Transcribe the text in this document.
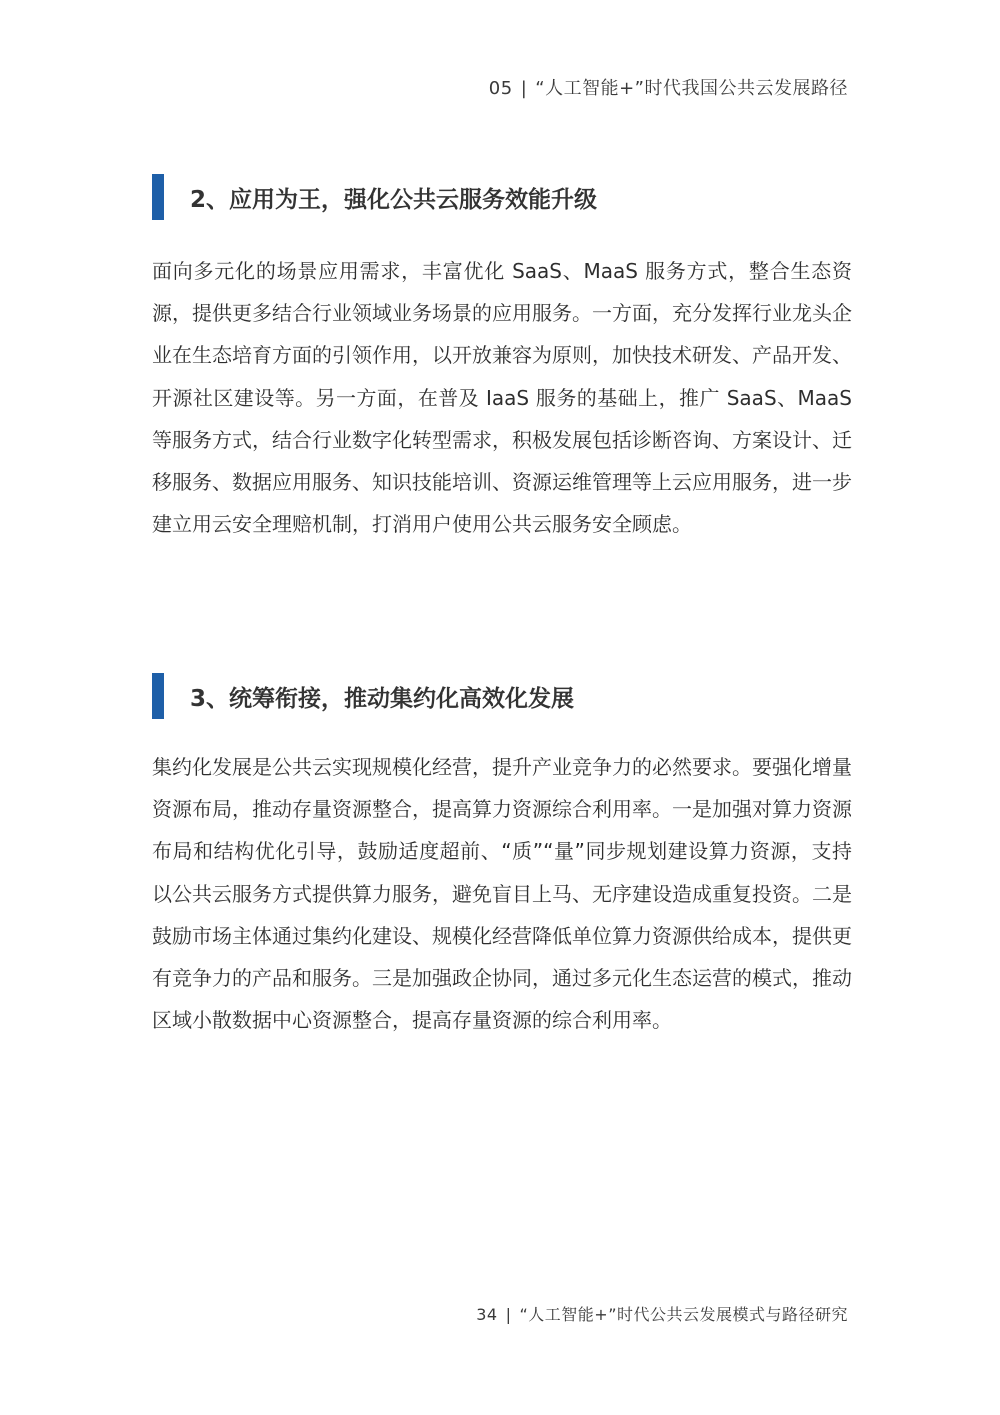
05 | “人工智能+”时代我国公共云发展路径
2、应用为王，强化公共云服务效能升级

面向多元化的场景应用需求，丰富优化 SaaS、MaaS 服务方式，整合生态资源，提供更多结合行业领域业务场景的应用服务。一方面，充分发挥行业龙头企业在生态培育方面的引领作用，以开放兼容为原则，加快技术研发、产品开发、开源社区建设等。另一方面，在普及 IaaS 服务的基础上，推广 SaaS、MaaS 等服务方式，结合行业数字化转型需求，积极发展包括诊断咨询、方案设计、迁移服务、数据应用服务、知识技能培训、资源运维管理等上云应用服务，进一步建立用云安全理赔机制，打消用户使用公共云服务安全顾虑。

3、统筹衔接，推动集约化高效化发展

集约化发展是公共云实现规模化经营，提升产业竞争力的必然要求。要强化增量资源布局，推动存量资源整合，提高算力资源综合利用率。一是加强对算力资源布局和结构优化引导，鼓励适度超前、“质”“量”同步规划建设算力资源，支持以公共云服务方式提供算力服务，避免盲目上马、无序建设造成重复投资。二是鼓励市场主体通过集约化建设、规模化经营降低单位算力资源供给成本，提供更有竞争力的产品和服务。三是加强政企协同，通过多元化生态运营的模式，推动区域小散数据中心资源整合，提高存量资源的综合利用率。

34 | “人工智能+”时代公共云发展模式与路径研究
